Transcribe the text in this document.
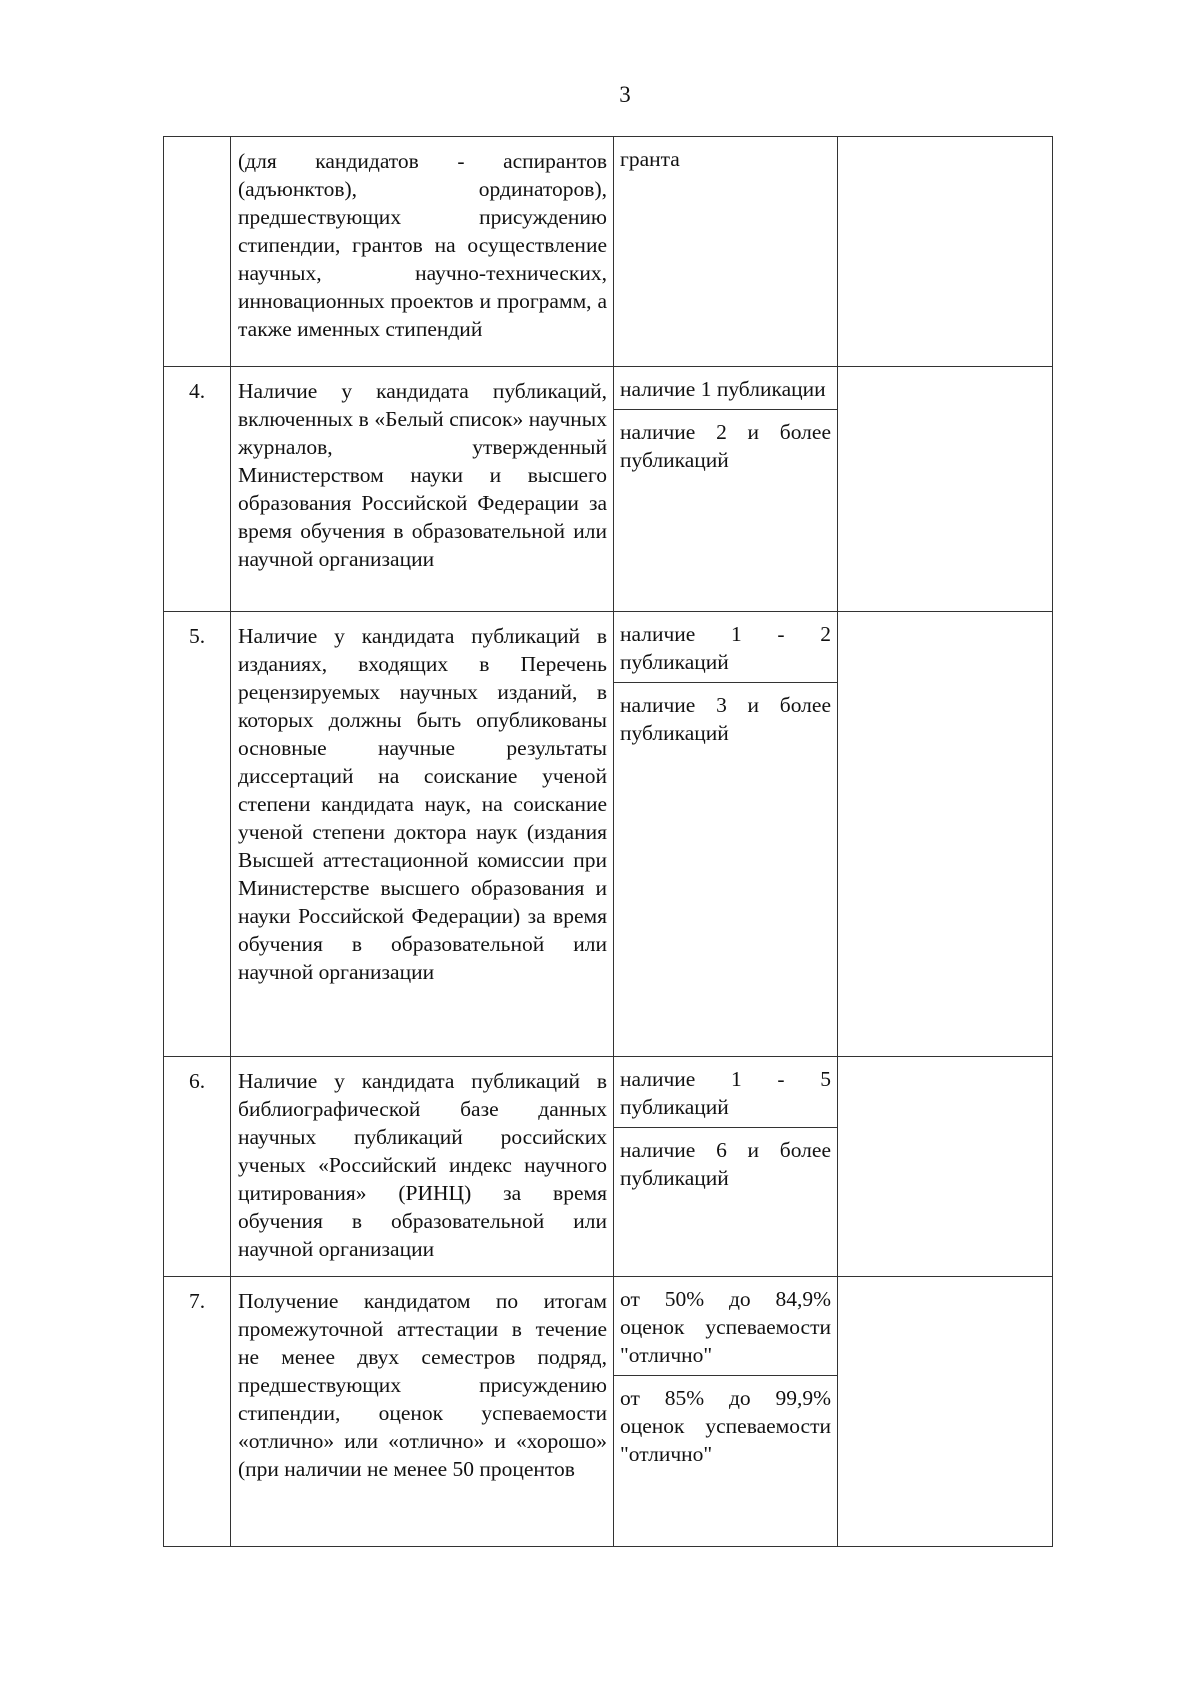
3
	(для кандидатов - аспирантов (адъюнктов), ординаторов), предшествующих присуждению стипендии, грантов на осуществление научных, научно-технических, инновационных проектов и программ, а также именных стипендий	гранта	

4.	Наличие у кандидата публикаций, включенных в «Белый список» научных журналов, утвержденный Министерством науки и высшего образования Российской Федерации за время обучения в образовательной или научной организации	наличие 1 публикации
наличие 2 и более публикаций	

5.	Наличие у кандидата публикаций в изданиях, входящих в Перечень рецензируемых научных изданий, в которых должны быть опубликованы основные научные результаты диссертаций на соискание ученой степени кандидата наук, на соискание ученой степени доктора наук (издания Высшей аттестационной комиссии при Министерстве высшего образования и науки Российской Федерации) за время обучения в образовательной или научной организации	наличие 1 - 2 публикаций
наличие 3 и более публикаций	

6.	Наличие у кандидата публикаций в библиографической базе данных научных публикаций российских ученых «Российский индекс научного цитирования» (РИНЦ) за время обучения в образовательной или научной организации	наличие 1 - 5 публикаций
наличие 6 и более публикаций	

7.	Получение кандидатом по итогам промежуточной аттестации в течение не менее двух семестров подряд, предшествующих присуждению стипендии, оценок успеваемости «отлично» или «отлично» и «хорошо» (при наличии не менее 50 процентов	от 50% до 84,9% оценок успеваемости "отлично"
от 85% до 99,9% оценок успеваемости "отлично"	
